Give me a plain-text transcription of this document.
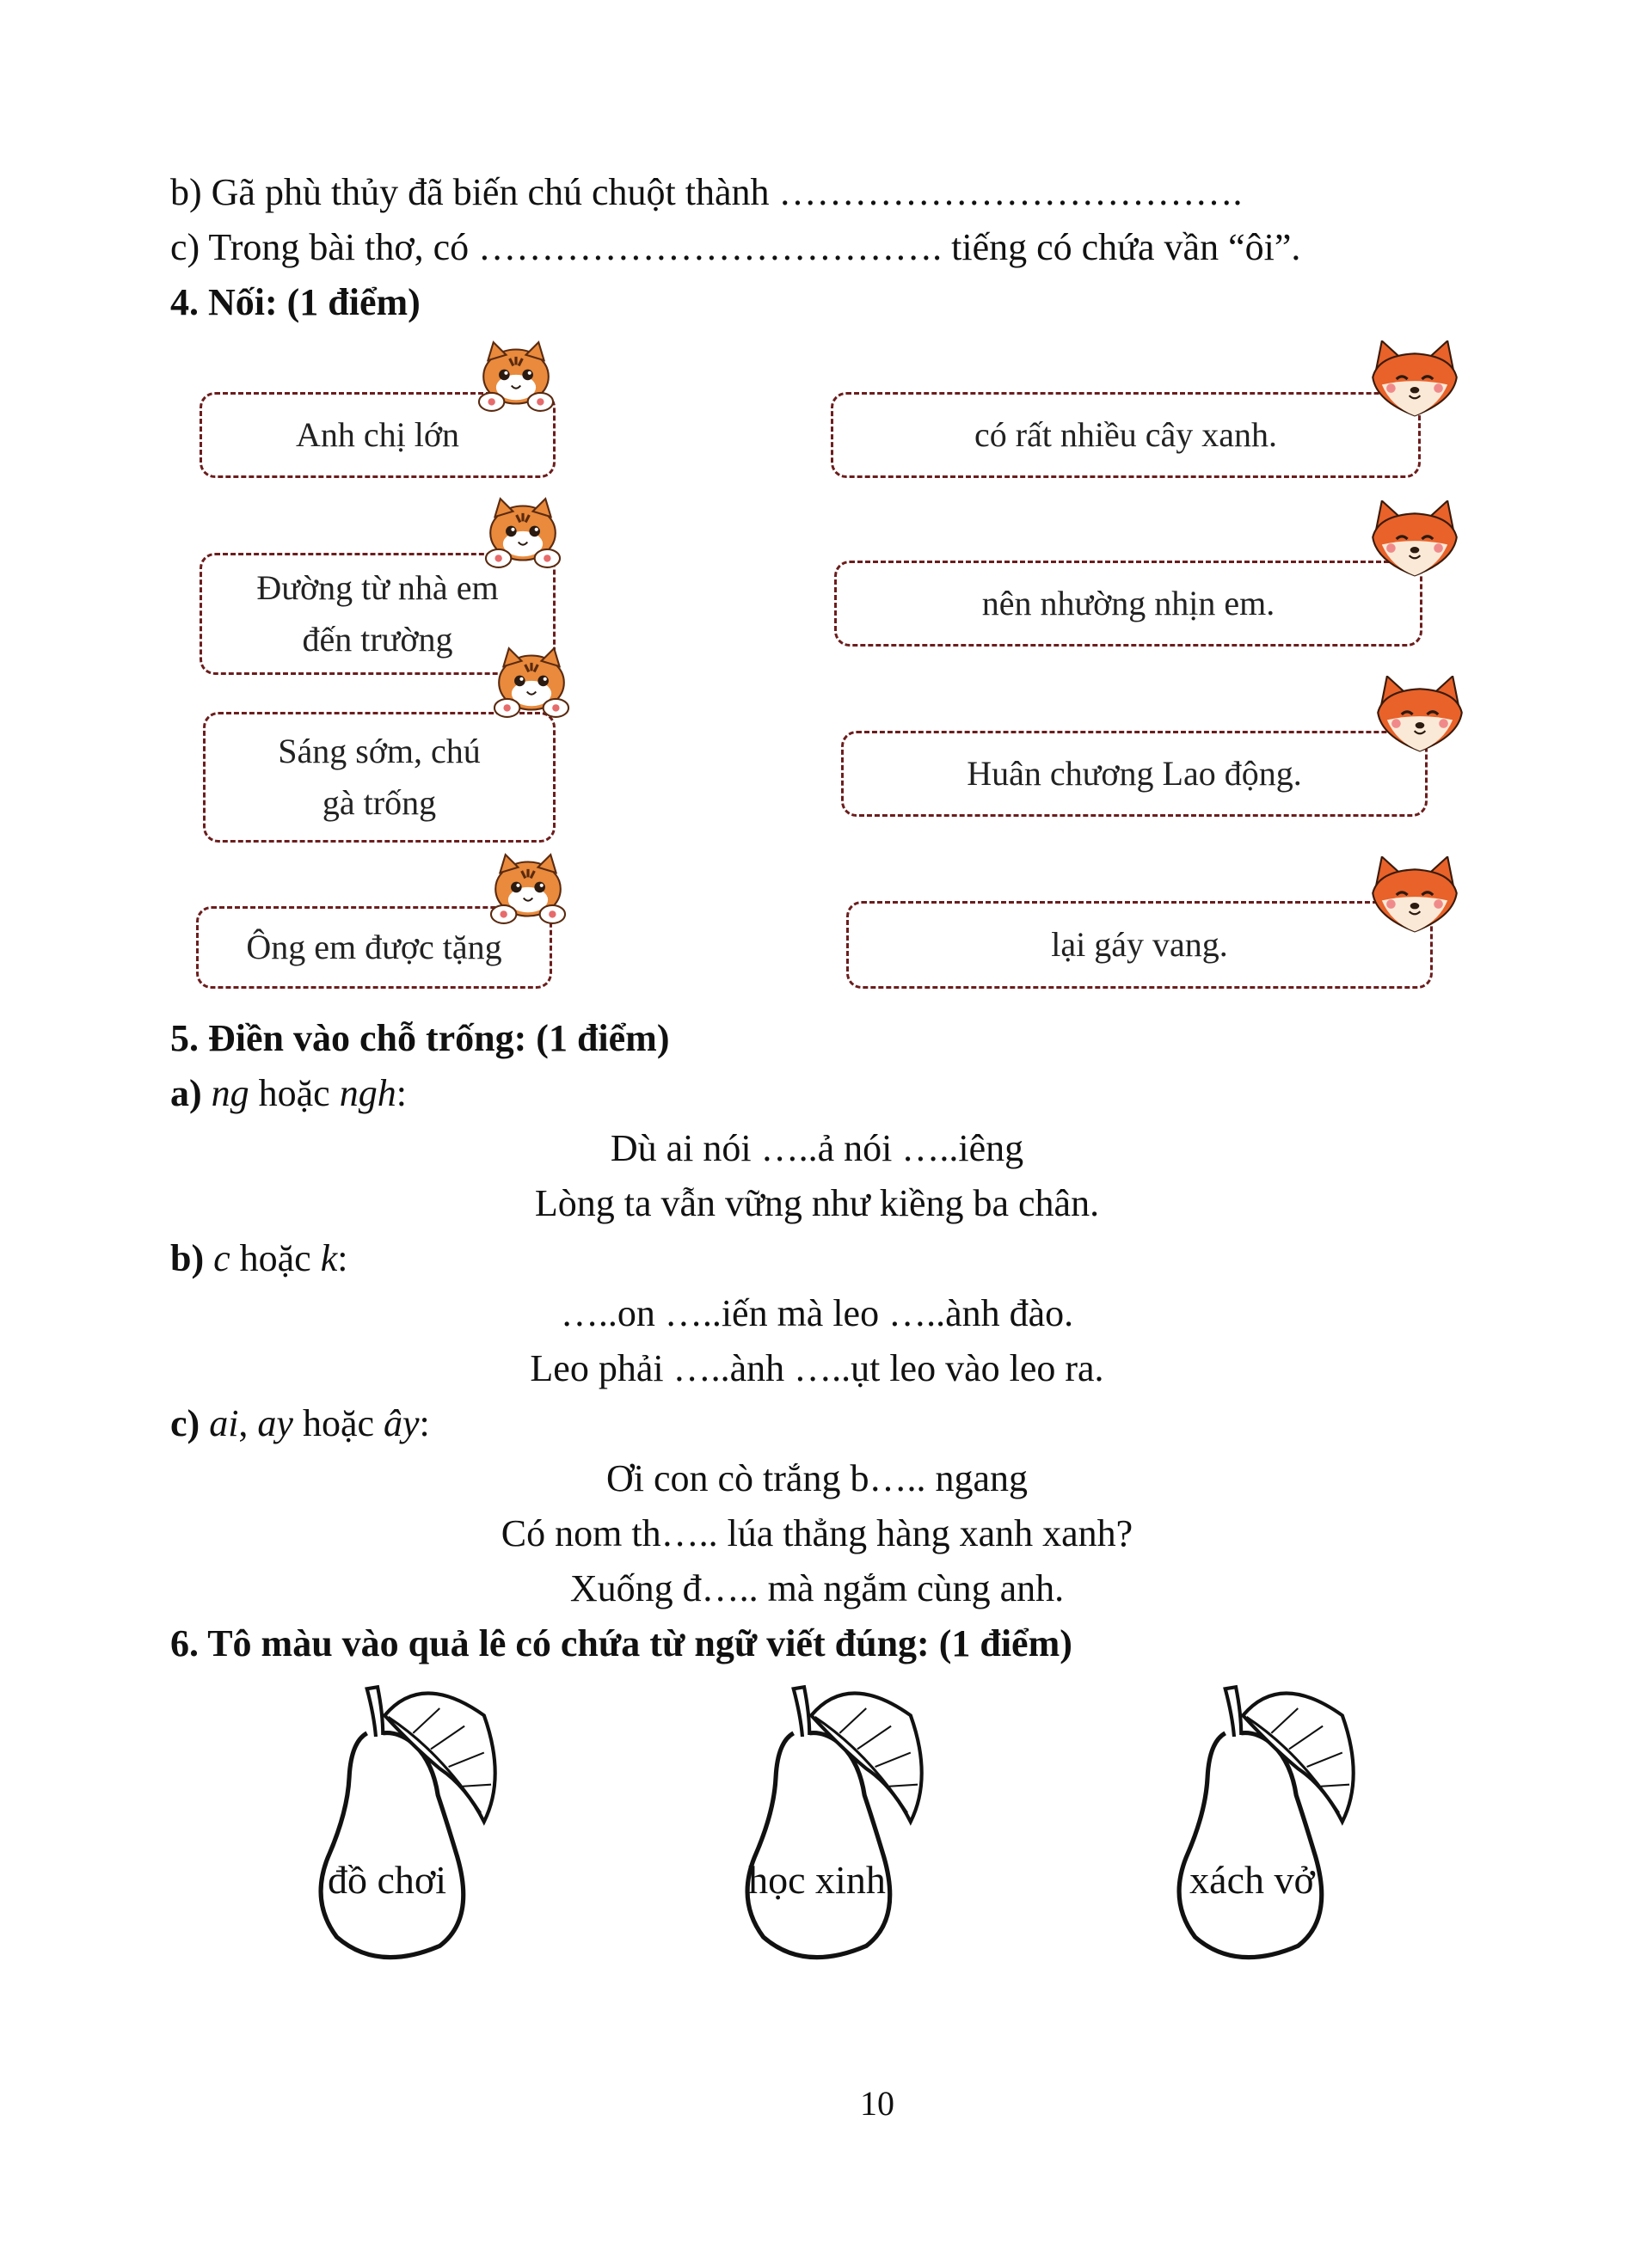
b) Gã phù thủy đã biến chú chuột thành ……………………………….
c) Trong bài thơ, có ………………………………. tiếng có chứa vần “ôi”.
4. Nối: (1 điểm)
Anh chị lớn
Đường từ nhà em
đến trường
Sáng sớm, chú
gà trống
Ông em được tặng
có rất nhiều cây xanh.
nên nhường nhịn em.
Huân chương Lao động.
lại gáy vang.
5. Điền vào chỗ trống: (1 điểm)
a) ng hoặc ngh:
Dù ai nói …..ả nói …..iêng
Lòng ta vẫn vững như kiềng ba chân.
b) c hoặc k:
…..on …..iến mà leo …..ành đào.
Leo phải …..ành …..ụt leo vào leo ra.
c) ai, ay hoặc ây:
Ơi con cò trắng b….. ngang
Có nom th….. lúa thẳng hàng xanh xanh?
Xuống đ….. mà ngắm cùng anh.
6. Tô màu vào quả lê có chứa từ ngữ viết đúng: (1 điểm)
đồ chơi	học xinh	xách vở
10
